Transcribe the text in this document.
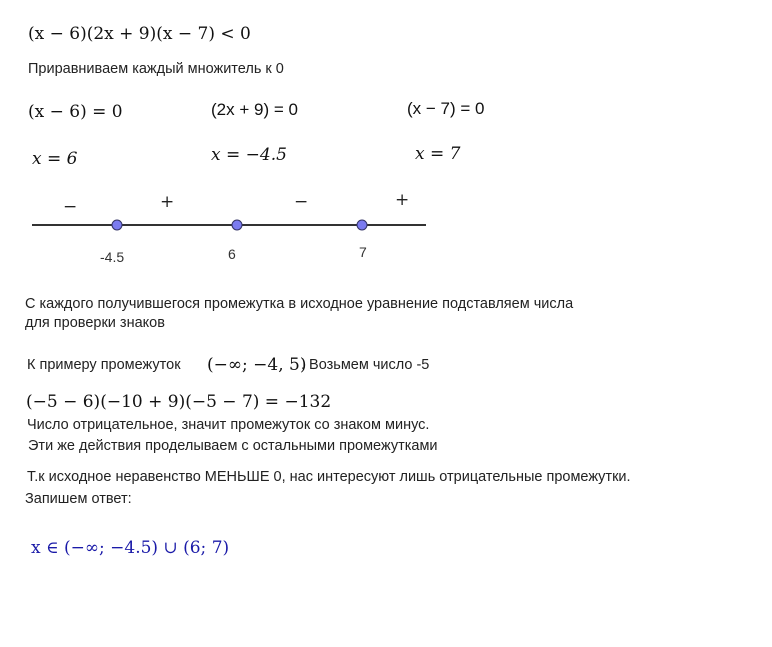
(x − 6)(2x + 9)(x − 7) < 0
Приравниваем каждый множитель к 0
(x − 6) = 0	(2x + 9) = 0	(x − 7) = 0
x = 6	x = −4.5	x = 7
−	+	−	+
-4.5	6	7
С каждого получившегося промежутка в исходное уравнение подставляем числа
для проверки знаков
К примеру промежуток (−∞; −4, 5)
. Возьмем число -5
(−5 − 6)(−10 + 9)(−5 − 7) = −132
Число отрицательное, значит промежуток со знаком минус.
Эти же действия проделываем с остальными промежутками
Т.к исходное неравенство МЕНЬШЕ 0, нас интересуют лишь отрицательные промежутки.
Запишем ответ:
x ∈ (−∞; −4.5) ∪ (6; 7)
